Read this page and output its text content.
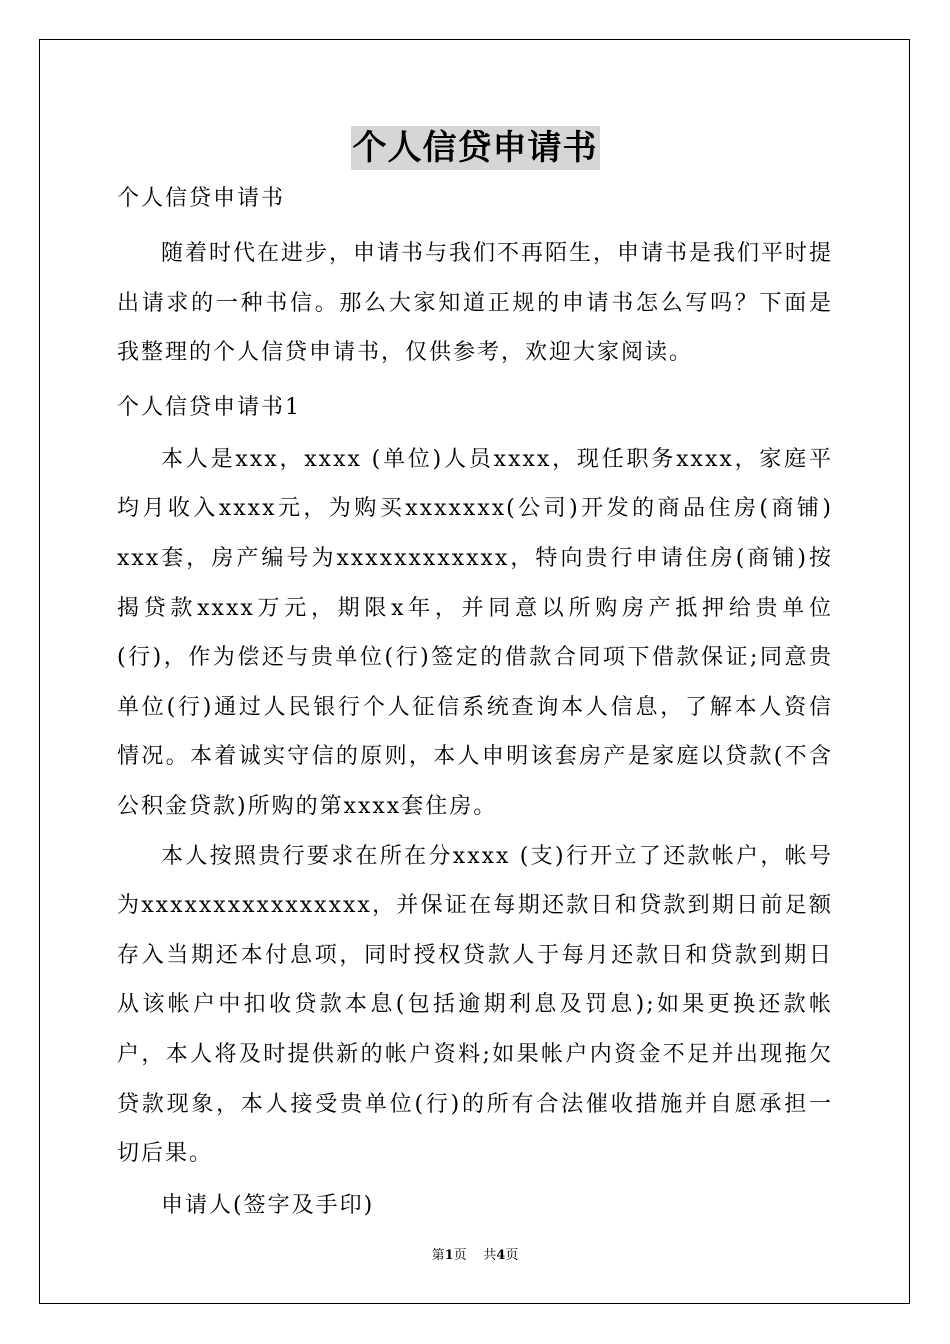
个人信贷申请书

个人信贷申请书

随着时代在进步，申请书与我们不再陌生，申请书是我们平时提出请求的一种书信。那么大家知道正规的申请书怎么写吗？下面是我整理的个人信贷申请书，仅供参考，欢迎大家阅读。

个人信贷申请书1

本人是xxx，xxxx (单位)人员xxxx，现任职务xxxx，家庭平均月收入xxxx元，为购买xxxxxxx(公司)开发的商品住房(商铺) xxx套，房产编号为xxxxxxxxxxxx，特向贵行申请住房(商铺)按揭贷款xxxx万元，期限x年，并同意以所购房产抵押给贵单位(行)，作为偿还与贵单位(行)签定的借款合同项下借款保证;同意贵单位(行)通过人民银行个人征信系统查询本人信息，了解本人资信情况。本着诚实守信的原则，本人申明该套房产是家庭以贷款(不含公积金贷款)所购的第xxxx套住房。

本人按照贵行要求在所在分xxxx (支)行开立了还款帐户，帐号为xxxxxxxxxxxxxxxx，并保证在每期还款日和贷款到期日前足额存入当期还本付息项，同时授权贷款人于每月还款日和贷款到期日从该帐户中扣收贷款本息(包括逾期利息及罚息);如果更换还款帐户，本人将及时提供新的帐户资料;如果帐户内资金不足并出现拖欠贷款现象，本人接受贵单位(行)的所有合法催收措施并自愿承担一切后果。

申请人(签字及手印)

第1页 共4页
